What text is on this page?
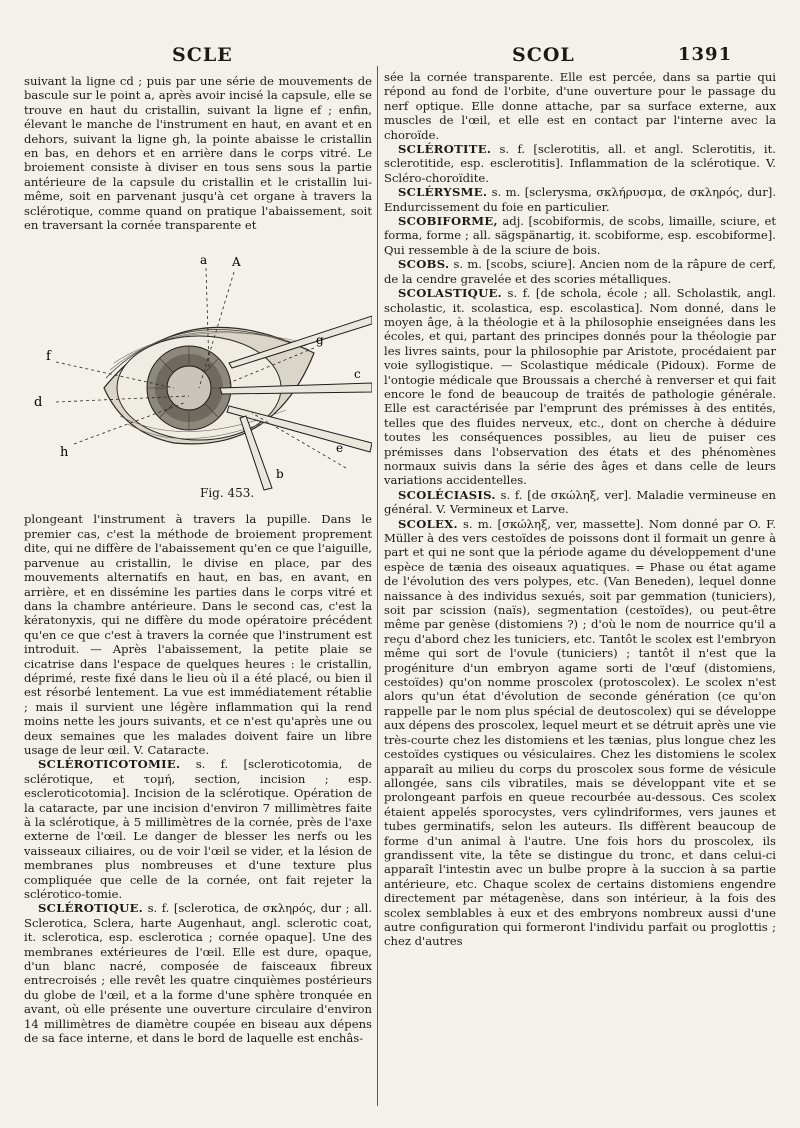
SCLE	SCOL	1391

suivant la ligne cd ; puis par une série de mouvements de bascule sur le point a, après avoir incisé la capsule, elle se trouve en haut du cristallin, suivant la ligne ef ; enfin, élevant le manche de l'instrument en haut, en avant et en dehors, suivant la ligne gh, la pointe abaisse le cristallin en bas, en dehors et en arrière dans le corps vitré. Le broiement consiste à diviser en tous sens sous la partie antérieure de la capsule du cristallin et le cristallin lui-même, soit en parvenant jusqu'à cet organe à travers la sclérotique, comme quand on pratique l'abaissement, soit en traversant la cornée transparente et

a A
g
f
d
c
e
h
b
Fig. 453.

plongeant l'instrument à travers la pupille. Dans le premier cas, c'est la méthode de broiement proprement dite, qui ne diffère de l'abaissement qu'en ce que l'aiguille, parvenue au cristallin, le divise en place, par des mouvements alternatifs en haut, en bas, en avant, en arrière, et en dissémine les parties dans le corps vitré et dans la chambre antérieure. Dans le second cas, c'est la kératonyxis, qui ne diffère du mode opératoire précédent qu'en ce que c'est à travers la cornée que l'instrument est introduit. — Après l'abaissement, la petite plaie se cicatrise dans l'espace de quelques heures : le cristallin, déprimé, reste fixé dans le lieu où il a été placé, ou bien il est résorbé lentement. La vue est immédiatement rétablie ; mais il survient une légère inflammation qui la rend moins nette les jours suivants, et ce n'est qu'après une ou deux semaines que les malades doivent faire un libre usage de leur œil. V. Cataracte.

SCLÉROTICOTOMIE. s. f. [scleroticotomia, de sclérotique, et τομή, section, incision ; esp. escleroticotomia]. Incision de la sclérotique. Opération de la cataracte, par une incision d'environ 7 millimètres faite à la sclérotique, à 5 millimètres de la cornée, près de l'axe externe de l'œil. Le danger de blesser les nerfs ou les vaisseaux ciliaires, ou de voir l'œil se vider, et la lésion de membranes plus nombreuses et d'une texture plus compliquée que celle de la cornée, ont fait rejeter la sclérotico-tomie.

SCLÉROTIQUE. s. f. [sclerotica, de σκληρός, dur ; all. Sclerotica, Sclera, harte Augenhaut, angl. sclerotic coat, it. sclerotica, esp. esclerotica ; cornée opaque]. Une des membranes extérieures de l'œil. Elle est dure, opaque, d'un blanc nacré, composée de faisceaux fibreux entrecroisés ; elle revêt les quatre cinquièmes postérieurs du globe de l'œil, et a la forme d'une sphère tronquée en avant, où elle présente une ouverture circulaire d'environ 14 millimètres de diamètre coupée en biseau aux dépens de sa face interne, et dans le bord de laquelle est enchâs-

sée la cornée transparente. Elle est percée, dans sa partie qui répond au fond de l'orbite, d'une ouverture pour le passage du nerf optique. Elle donne attache, par sa surface externe, aux muscles de l'œil, et elle est en contact par l'interne avec la choroïde.

SCLÉROTITE. s. f. [sclerotitis, all. et angl. Sclerotitis, it. sclerotitide, esp. esclerotitis]. Inflammation de la sclérotique. V. Scléro-choroïdite.

SCLÉRYSME. s. m. [sclerysma, σκλήρυσμα, de σκληρός, dur]. Endurcissement du foie en particulier.

SCOBIFORME, adj. [scobiformis, de scobs, limaille, sciure, et forma, forme ; all. sägspänartig, it. scobiforme, esp. escobiforme]. Qui ressemble à de la sciure de bois.

SCOBS. s. m. [scobs, sciure]. Ancien nom de la râpure de cerf, de la cendre gravelée et des scories métalliques.

SCOLASTIQUE. s. f. [de schola, école ; all. Scholastik, angl. scholastic, it. scolastica, esp. escolastica]. Nom donné, dans le moyen âge, à la théologie et à la philosophie enseignées dans les écoles, et qui, partant des principes donnés pour la théologie par les livres saints, pour la philosophie par Aristote, procédaient par voie syllogistique. — Scolastique médicale (Pidoux). Forme de l'ontogie médicale que Broussais a cherché à renverser et qui fait encore le fond de beaucoup de traités de pathologie générale. Elle est caractérisée par l'emprunt des prémisses à des entités, telles que des fluides nerveux, etc., dont on cherche à déduire toutes les conséquences possibles, au lieu de puiser ces prémisses dans l'observation des états et des phénomènes normaux suivis dans la série des âges et dans celle de leurs variations accidentelles.

SCOLÉCIASIS. s. f. [de σκώληξ, ver]. Maladie vermineuse en général. V. Vermineux et Larve.

SCOLEX. s. m. [σκώληξ, ver, massette]. Nom donné par O. F. Müller à des vers cestoïdes de poissons dont il formait un genre à part et qui ne sont que la période agame du développement d'une espèce de tænia des oiseaux aquatiques. = Phase ou état agame de l'évolution des vers polypes, etc. (Van Beneden), lequel donne naissance à des individus sexués, soit par gemmation (tuniciers), soit par scission (naïs), segmentation (cestoïdes), ou peut-être même par genèse (distomiens ?) ; d'où le nom de nourrice qu'il a reçu d'abord chez les tuniciers, etc. Tantôt le scolex est l'embryon même qui sort de l'ovule (tuniciers) ; tantôt il n'est que la progéniture d'un embryon agame sorti de l'œuf (distomiens, cestoïdes) qu'on nomme proscolex (protoscolex). Le scolex n'est alors qu'un état d'évolution de seconde génération (ce qu'on rappelle par le nom plus spécial de deutoscolex) qui se développe aux dépens des proscolex, lequel meurt et se détruit après une vie très-courte chez les distomiens et les tænias, plus longue chez les cestoïdes cystiques ou vésiculaires. Chez les distomiens le scolex apparaît au milieu du corps du proscolex sous forme de vésicule allongée, sans cils vibratiles, mais se développant vite et se prolongeant parfois en queue recourbée au-dessous. Ces scolex étaient appelés sporocystes, vers cylindriformes, vers jaunes et tubes germinatifs, selon les auteurs. Ils diffèrent beaucoup de forme d'un animal à l'autre. Une fois hors du proscolex, ils grandissent vite, la tête se distingue du tronc, et dans celui-ci apparaît l'intestin avec un bulbe propre à la succion à sa partie antérieure, etc. Chaque scolex de certains distomiens engendre directement par métagenèse, dans son intérieur, à la fois des scolex semblables à eux et des embryons nombreux aussi d'une autre configuration qui formeront l'individu parfait ou proglottis ; chez d'autres
